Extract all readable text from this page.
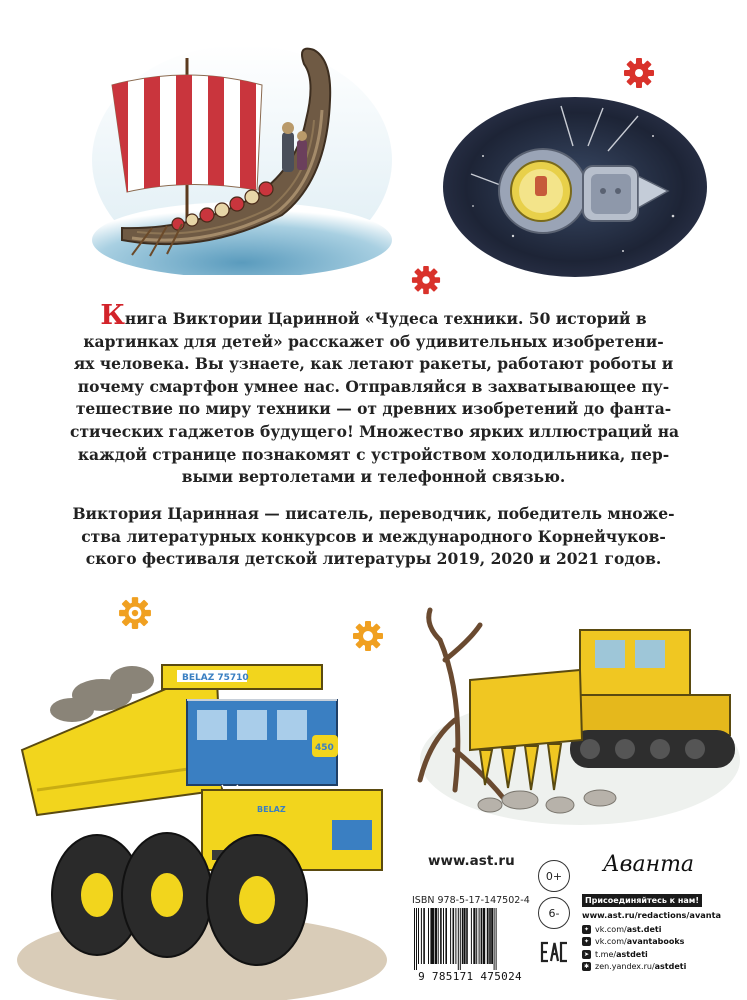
Книга Виктории Царинной «Чудеса техники. 50 историй в
картинках для детей» расскажет об удивительных изобретени-
ях человека. Вы узнаете, как летают ракеты, работают роботы и
почему смартфон умнее нас. Отправляйся в захватывающее пу-
тешествие по миру техники — от древних изобретений до фанта-
стических гаджетов будущего! Множество ярких иллюстраций на
каждой странице познакомят с устройством холодильника, пер-
выми вертолетами и телефонной связью.
Виктория Царинная — писатель, переводчик, победитель множе-
ства литературных конкурсов и международного Корнейчуков-
ского фестиваля детской литературы 2019, 2020 и 2021 годов.
BELAZ 75710
450
BELAZ
www.ast.ru
ISBN 978-5-17-147502-4
9 785171 475024
0+
6-
Аванта
Присоединяйтесь к нам!
www.ast.ru/redactions/avanta
✦ vk.com/ ast.deti
✦ vk.com/ avantabooks
➤ t.me/ astdeti
✱ zen.yandex.ru/ astdeti
